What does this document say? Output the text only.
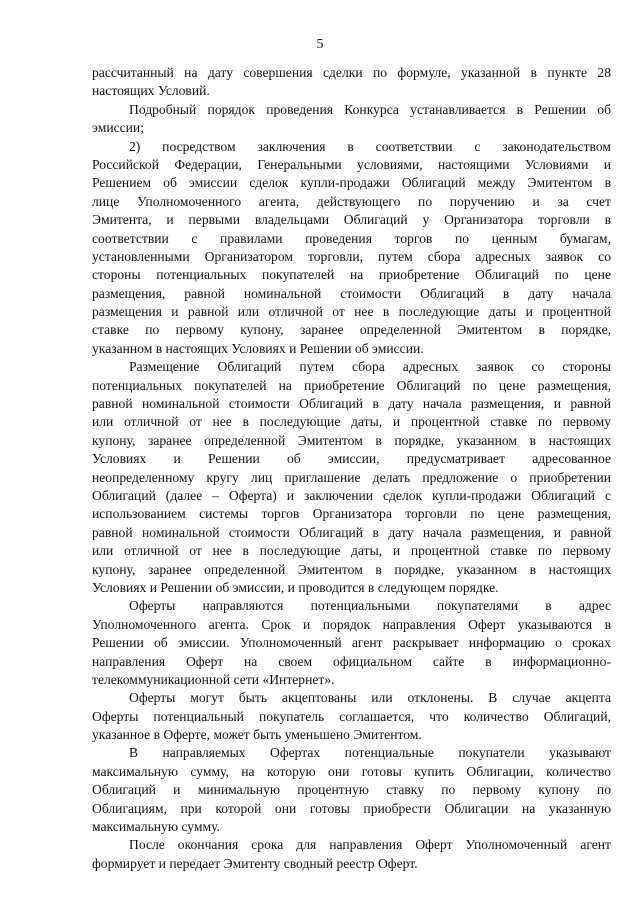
5
рассчитанный на дату совершения сделки по формуле, указанной в пункте 28
настоящих Условий.
Подробный порядок проведения Конкурса устанавливается в Решении об
эмиссии;
2) посредством заключения в соответствии с законодательством
Российской Федерации, Генеральными условиями, настоящими Условиями и
Решением об эмиссии сделок купли-продажи Облигаций между Эмитентом в
лице Уполномоченного агента, действующего по поручению и за счет
Эмитента, и первыми владельцами Облигаций у Организатора торговли в
соответствии с правилами проведения торгов по ценным бумагам,
установленными Организатором торговли, путем сбора адресных заявок со
стороны потенциальных покупателей на приобретение Облигаций по цене
размещения, равной номинальной стоимости Облигаций в дату начала
размещения и равной или отличной от нее в последующие даты и процентной
ставке по первому купону, заранее определенной Эмитентом в порядке,
указанном в настоящих Условиях и Решении об эмиссии.
Размещение Облигаций путем сбора адресных заявок со стороны
потенциальных покупателей на приобретение Облигаций по цене размещения,
равной номинальной стоимости Облигаций в дату начала размещения, и равной
или отличной от нее в последующие даты, и процентной ставке по первому
купону, заранее определенной Эмитентом в порядке, указанном в настоящих
Условиях и Решении об эмиссии, предусматривает адресованное
неопределенному кругу лиц приглашение делать предложение о приобретении
Облигаций (далее – Оферта) и заключении сделок купли-продажи Облигаций с
использованием системы торгов Организатора торговли по цене размещения,
равной номинальной стоимости Облигаций в дату начала размещения, и равной
или отличной от нее в последующие даты, и процентной ставке по первому
купону, заранее определенной Эмитентом в порядке, указанном в настоящих
Условиях и Решении об эмиссии, и проводится в следующем порядке.
Оферты направляются потенциальными покупателями в адрес
Уполномоченного агента. Срок и порядок направления Оферт указываются в
Решении об эмиссии. Уполномоченный агент раскрывает информацию о сроках
направления Оферт на своем официальном сайте в информационно-
телекоммуникационной сети «Интернет».
Оферты могут быть акцептованы или отклонены. В случае акцепта
Оферты потенциальный покупатель соглашается, что количество Облигаций,
указанное в Оферте, может быть уменьшено Эмитентом.
В направляемых Офертах потенциальные покупатели указывают
максимальную сумму, на которую они готовы купить Облигации, количество
Облигаций и минимальную процентную ставку по первому купону по
Облигациям, при которой они готовы приобрести Облигации на указанную
максимальную сумму.
После окончания срока для направления Оферт Уполномоченный агент
формирует и передает Эмитенту сводный реестр Оферт.
